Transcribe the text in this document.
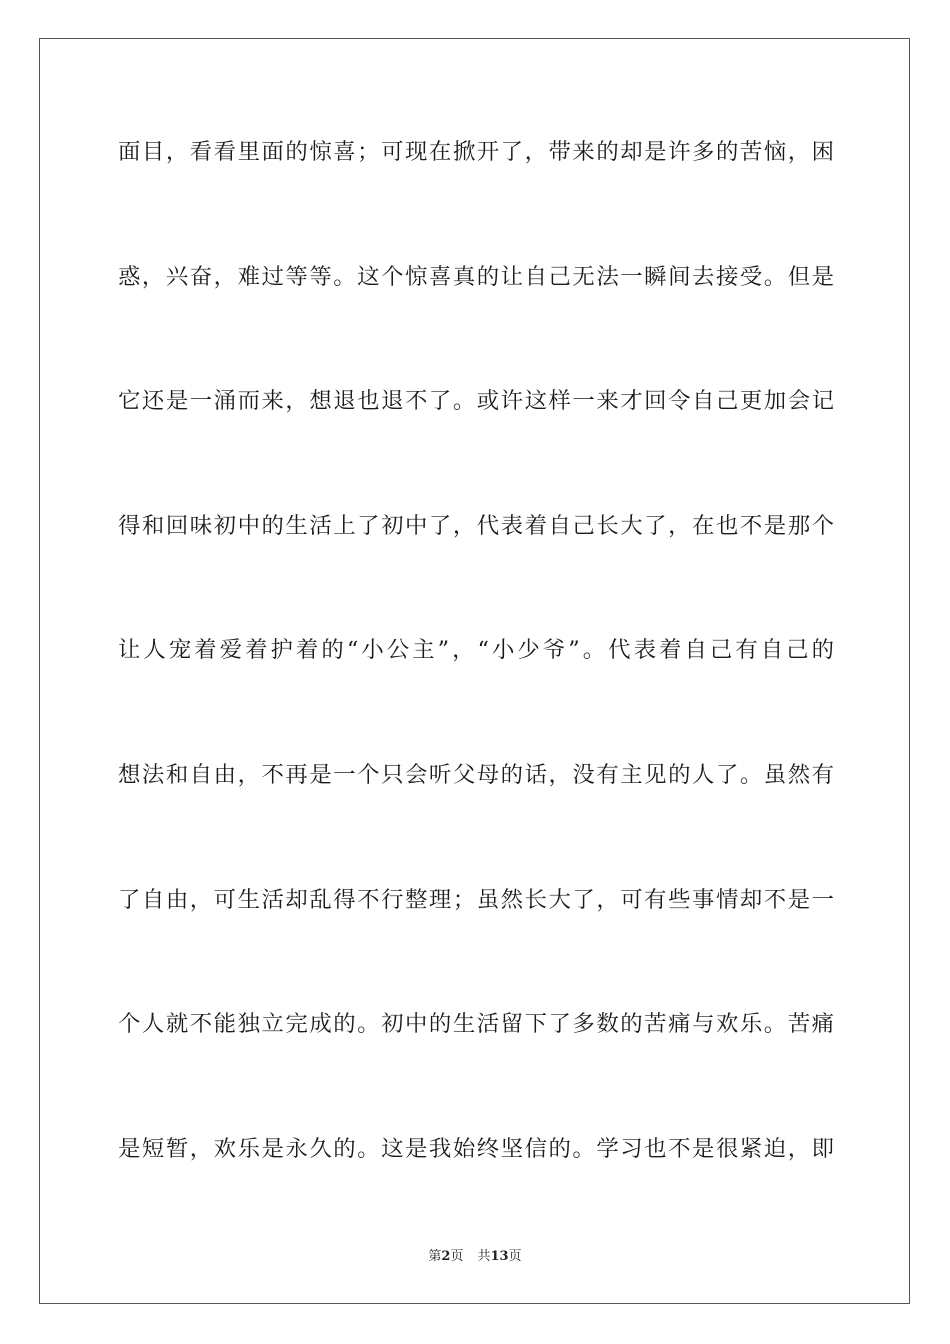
面目，看看里面的惊喜；可现在掀开了，带来的却是许多的苦恼，困
惑，兴奋，难过等等。这个惊喜真的让自己无法一瞬间去接受。但是
它还是一涌而来，想退也退不了。或许这样一来才回令自己更加会记
得和回味初中的生活上了初中了，代表着自己长大了，在也不是那个
让人宠着爱着护着的“小公主”，“小少爷”。代表着自己有自己的
想法和自由，不再是一个只会听父母的话，没有主见的人了。虽然有
了自由，可生活却乱得不行整理；虽然长大了，可有些事情却不是一
个人就不能独立完成的。初中的生活留下了多数的苦痛与欢乐。苦痛
是短暂，欢乐是永久的。这是我始终坚信的。学习也不是很紧迫，即
第2页 共13页
